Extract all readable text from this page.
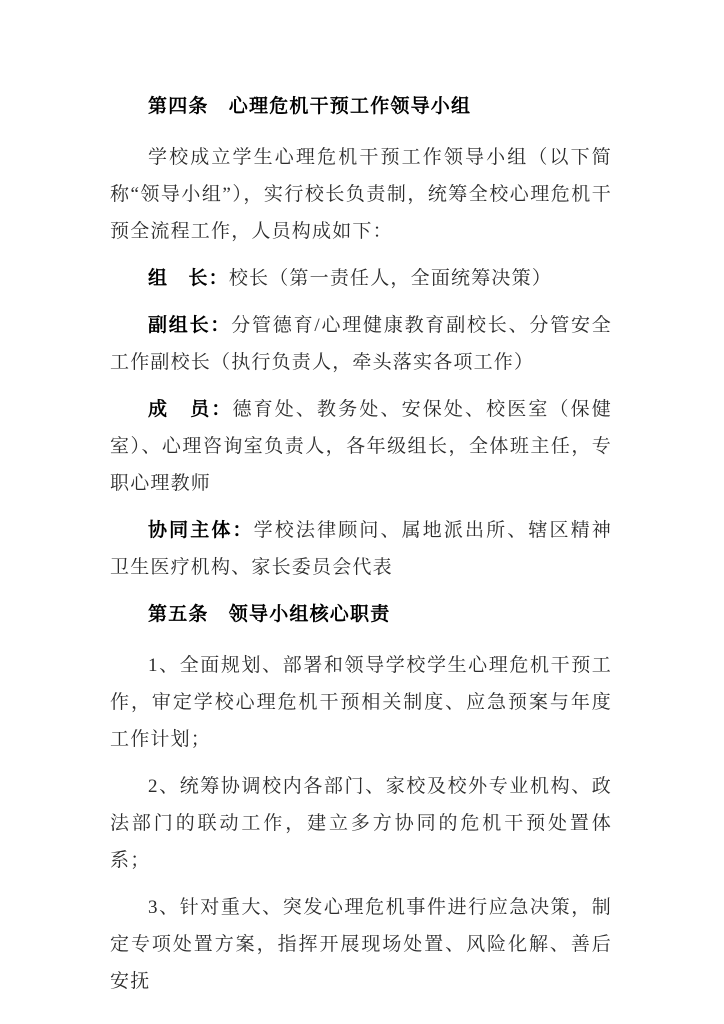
第四条　心理危机干预工作领导小组

学校成立学生心理危机干预工作领导小组（以下简称“领导小组”），实行校长负责制，统筹全校心理危机干预全流程工作，人员构成如下：

组　长：校长（第一责任人，全面统筹决策）

副组长：分管德育/心理健康教育副校长、分管安全工作副校长（执行负责人，牵头落实各项工作）

成　员：德育处、教务处、安保处、校医室（保健室）、心理咨询室负责人，各年级组长，全体班主任，专职心理教师

协同主体：学校法律顾问、属地派出所、辖区精神卫生医疗机构、家长委员会代表

第五条　领导小组核心职责

1、全面规划、部署和领导学校学生心理危机干预工作，审定学校心理危机干预相关制度、应急预案与年度工作计划；

2、统筹协调校内各部门、家校及校外专业机构、政法部门的联动工作，建立多方协同的危机干预处置体系；

3、针对重大、突发心理危机事件进行应急决策，制定专项处置方案，指挥开展现场处置、风险化解、善后安抚
